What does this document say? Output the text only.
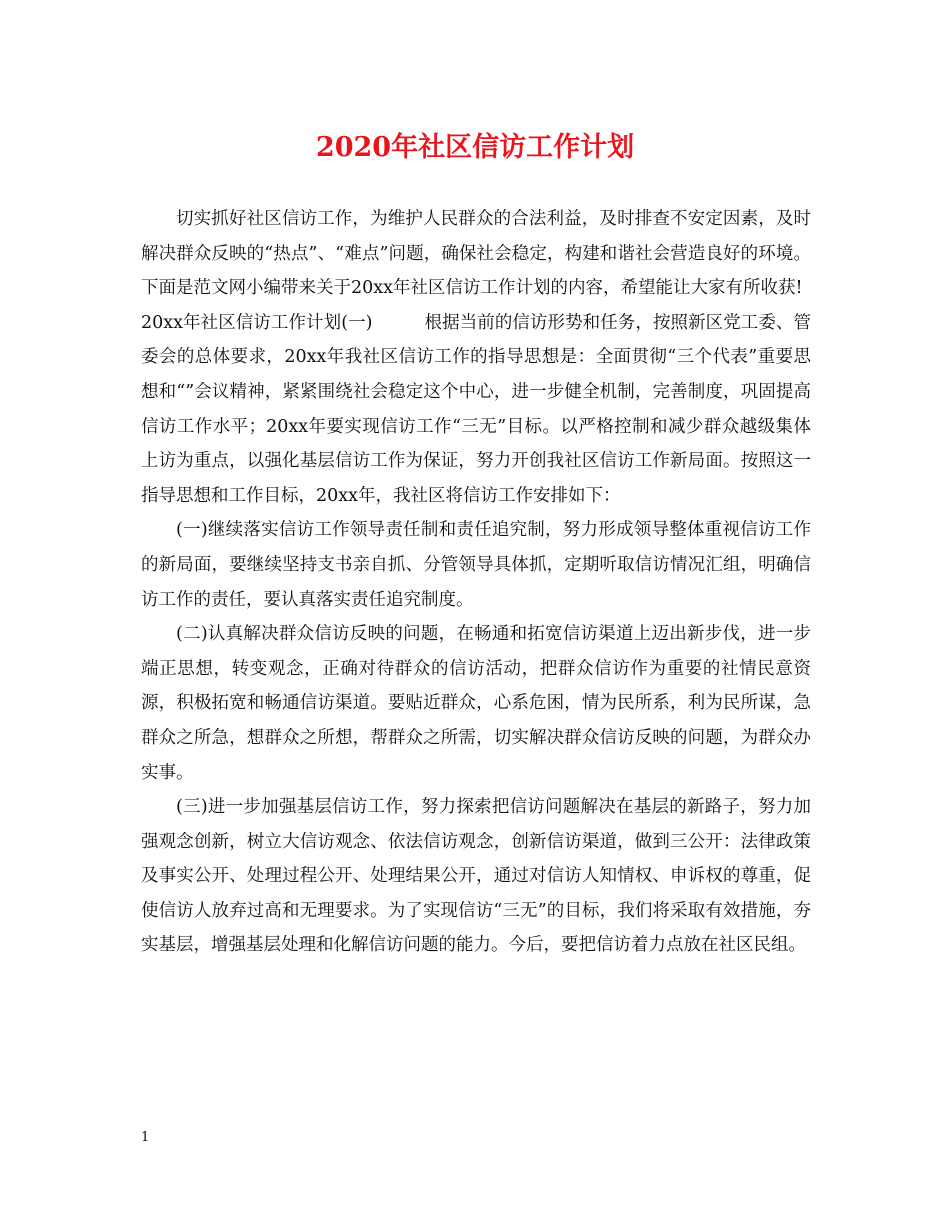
2020年社区信访工作计划

切实抓好社区信访工作，为维护人民群众的合法利益，及时排查不安定因素，及时解决群众反映的“热点”、“难点”问题，确保社会稳定，构建和谐社会营造良好的环境。下面是范文网小编带来关于20xx年社区信访工作计划的内容，希望能让大家有所收获!

20xx年社区信访工作计划(一)	根据当前的信访形势和任务，按照新区党工委、管委会的总体要求，20xx年我社区信访工作的指导思想是：全面贯彻“三个代表”重要思想和“”会议精神，紧紧围绕社会稳定这个中心，进一步健全机制，完善制度，巩固提高信访工作水平；20xx年要实现信访工作“三无”目标。以严格控制和减少群众越级集体上访为重点，以强化基层信访工作为保证，努力开创我社区信访工作新局面。按照这一指导思想和工作目标，20xx年，我社区将信访工作安排如下：

(一)继续落实信访工作领导责任制和责任追究制，努力形成领导整体重视信访工作的新局面，要继续坚持支书亲自抓、分管领导具体抓，定期听取信访情况汇组，明确信访工作的责任，要认真落实责任追究制度。

(二)认真解决群众信访反映的问题，在畅通和拓宽信访渠道上迈出新步伐，进一步端正思想，转变观念，正确对待群众的信访活动，把群众信访作为重要的社情民意资源，积极拓宽和畅通信访渠道。要贴近群众，心系危困，情为民所系，利为民所谋，急群众之所急，想群众之所想，帮群众之所需，切实解决群众信访反映的问题，为群众办实事。

(三)进一步加强基层信访工作，努力探索把信访问题解决在基层的新路子，努力加强观念创新，树立大信访观念、依法信访观念，创新信访渠道，做到三公开：法律政策及事实公开、处理过程公开、处理结果公开，通过对信访人知情权、申诉权的尊重，促使信访人放弃过高和无理要求。为了实现信访“三无”的目标，我们将采取有效措施，夯实基层，增强基层处理和化解信访问题的能力。今后，要把信访着力点放在社区民组。

1
